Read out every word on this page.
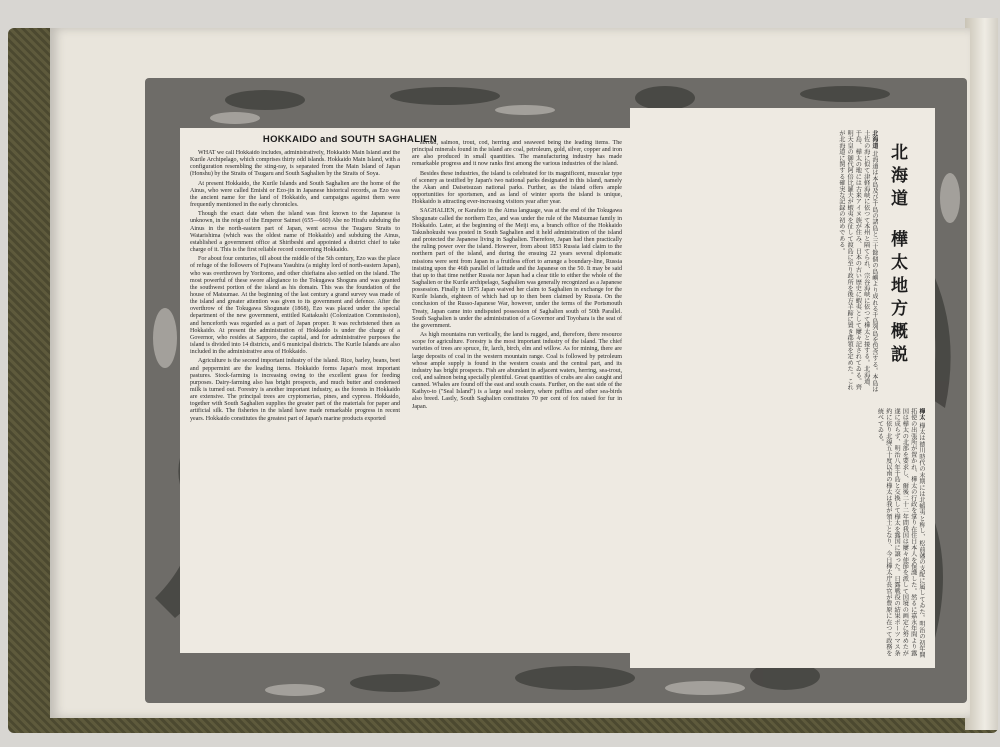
HOKKAIDO and SOUTH SAGHALIEN

WHAT we call Hokkaido includes, administratively, Hokkaido Main Island and the Kurile Archipelago, which comprises thirty odd islands. Hokkaido Main Island, with a configuration resembling the sting-ray, is separated from the Main Island of Japan (Honshu) by the Straits of Tsugaru and South Saghalien by the Straits of Soya.

At present Hokkaido, the Kurile Islands and South Saghalien are the home of the Ainus, who were called Emishi or Ezo-jin in Japanese historical records, as Ezo was the ancient name for the land of Hokkaido, and campaigns against them were frequently mentioned in the early chronicles.

Though the exact date when the island was first known to the Japanese is unknown, in the reign of the Emperor Saimei (655—660) Abe no Hirafu subduing the Ainus in the north-eastern part of Japan, went across the Tsugaru Straits to Watarishima (which was the oldest name of Hokkaido) and subduing the Ainus, established a government office at Shiribeshi and appointed a district chief to take charge of it. This is the first reliable record concerning Hokkaido.

For about four centuries, till about the middle of the 5th century, Ezo was the place of refuge of the followers of Fujiwara Yasuhira (a mighty lord of north-eastern Japan), who was overthrown by Yoritomo, and other chieftains also settled on the island. The most powerful of these swore allegiance to the Tokugawa Shoguns and was granted the southwest portion of the island as his domain. This was the foundation of the house of Matsumae. At the beginning of the last century a grand survey was made of the island and greater attention was given to its government and defence. After the overthrow of the Tokugawa Shogunate (1868), Ezo was placed under the special department of the new government, entitled Kaitakushi (Colonization Commission), and henceforth was regarded as a part of Japan proper. It was rechristened then as Hokkaido. At present the administration of Hokkaido is under the charge of a Governor, who resides at Sapporo, the capital, and for administrative purposes the island is divided into 14 districts, and 6 municipal districts. The Kurile Islands are also included in the administrative area of Hokkaido.

Agriculture is the second important industry of the island. Rice, barley, beans, beet and peppermint are the leading items. Hokkaido forms Japan's most important pastures. Stock-farming is increasing owing to the excellent grass for feeding purposes. Dairy-farming also has bright prospects, and much butter and condensed milk is turned out. Forestry is another important industry, as the forests in Hokkaido are extensive. The principal trees are cryptomerias, pines, and cypress. Hokkaido, together with South Saghalien supplies the greater part of the materials for paper and artificial silk. The fisheries in the island have made remarkable progress in recent years. Hokkaido constitutes the greatest part of Japan's marine products exported

abroad, salmon, trout, cod, herring and seaweed being the leading items. The principal minerals found in the island are coal, petroleum, gold, silver, copper and iron are also produced in small quantities. The manufacturing industry has made remarkable progress and it now ranks first among the various industries of the island.

Besides these industries, the island is celebrated for its magnificent, muscular type of scenery as testified by Japan's two national parks designated in this island, namely the Akan and Daisetsuzan national parks. Further, as the island offers ample opportunities for sportsmen, and as land of winter sports the island is unique, Hokkaido is attracting ever-increasing visitors year after year.

SAGHALIEN, or Karafuto in the Aima language, was at the end of the Tokugawa Shogunate called the northern Ezo, and was under the rule of the Matsumae family in Hokkaido. Later, at the beginning of the Meiji era, a branch office of the Hokkaido Takushokushi was posted in South Saghalien and it held administration of the island and protected the Japanese living in Saghalien. Therefore, Japan had then practically the ruling power over the island. However, from about 1853 Russia laid claim to the northern part of the island, and during the ensuing 22 years several diplomatic missions were sent from Japan in a fruitless effort to arrange a boundary-line, Russia insisting upon the 46th parallel of latitude and the Japanese on the 50. It may be said that up to that time neither Russia nor Japan had a clear title to either the whole of the Saghalien or the Kurile archipelago, Saghalien was generally recognized as a Japanese possession. Finally in 1875 Japan waived her claim to Saghalien in exchange for the Kurile Islands, eighteen of which had up to then been claimed by Russia. On the conclusion of the Russo-Japanese War, however, under the terms of the Portsmouth Treaty, Japan came into undisputed possession of Saghalien south of 50th Parallel. South Saghalien is under the administration of a Governor and Toyohara is the seat of the government.

As high mountains run vertically, the land is rugged, and, therefore, there resource scope for agriculture. Forestry is the most important industry of the island. The chief varieties of trees are spruce, fir, larch, birch, elm and willow. As for mining, there are large deposits of coal in the western mountain range. Coal is followed by petroleum whose ample supply is found in the western coasts and the central part, and its industry has bright prospects. Fish are abundant in adjacent waters, herring, sea-trout, cod, and salmon being specially plentiful. Great quantities of crabs are also caught and canned. Whales are found off the east and south coasts. Further, on the east side of the Kaihyo-to ("Seal Island") is a large seal rookery, where puffins and other sea-birds also breed. Lastly, South Saghalien constitutes 70 per cent of fox raised for fur in Japan.

北海道 樺太地方概説
北海道 北海道は本島及び千島の諸島と三十餘個の島嶼より成れる千島列島を包含する。本島は土佐の海に似て津軽海峡に依つて本州と隔てられ、宗谷海峡に依つて樺太と接する。北海道、千島、樺太の地には古来アイヌ族が住み、日本の古い歴史に蝦夷として屢々記されてゐる。齊明天皇の御代阿倍比羅夫が蝦夷を征して渡島に至り政所を後方羊蹄に置き郡領を定めた。これが北海道に関する確実な記録の初めである。
樺太 樺太は徳川時代の末期には北蝦夷と称し、松前藩の支配に属してゐた。明治の初年開拓使の出張所が置かれ、樺太の行政を掌り在住日本人を保護した。然るに嘉永年間より露国は樺太の北部を要求し、爾後二十二年間我国は屢々使節を派して国境の画定に努めたが遂に成らず、明治八年千島と交換して樺太を露国に譲った。日露戦役の結果ポーツマス条約に依り北緯五十度以南の樺太は我が領土となり、今日樺太庁長官が豊原に在つて政務を統べてゐる。
